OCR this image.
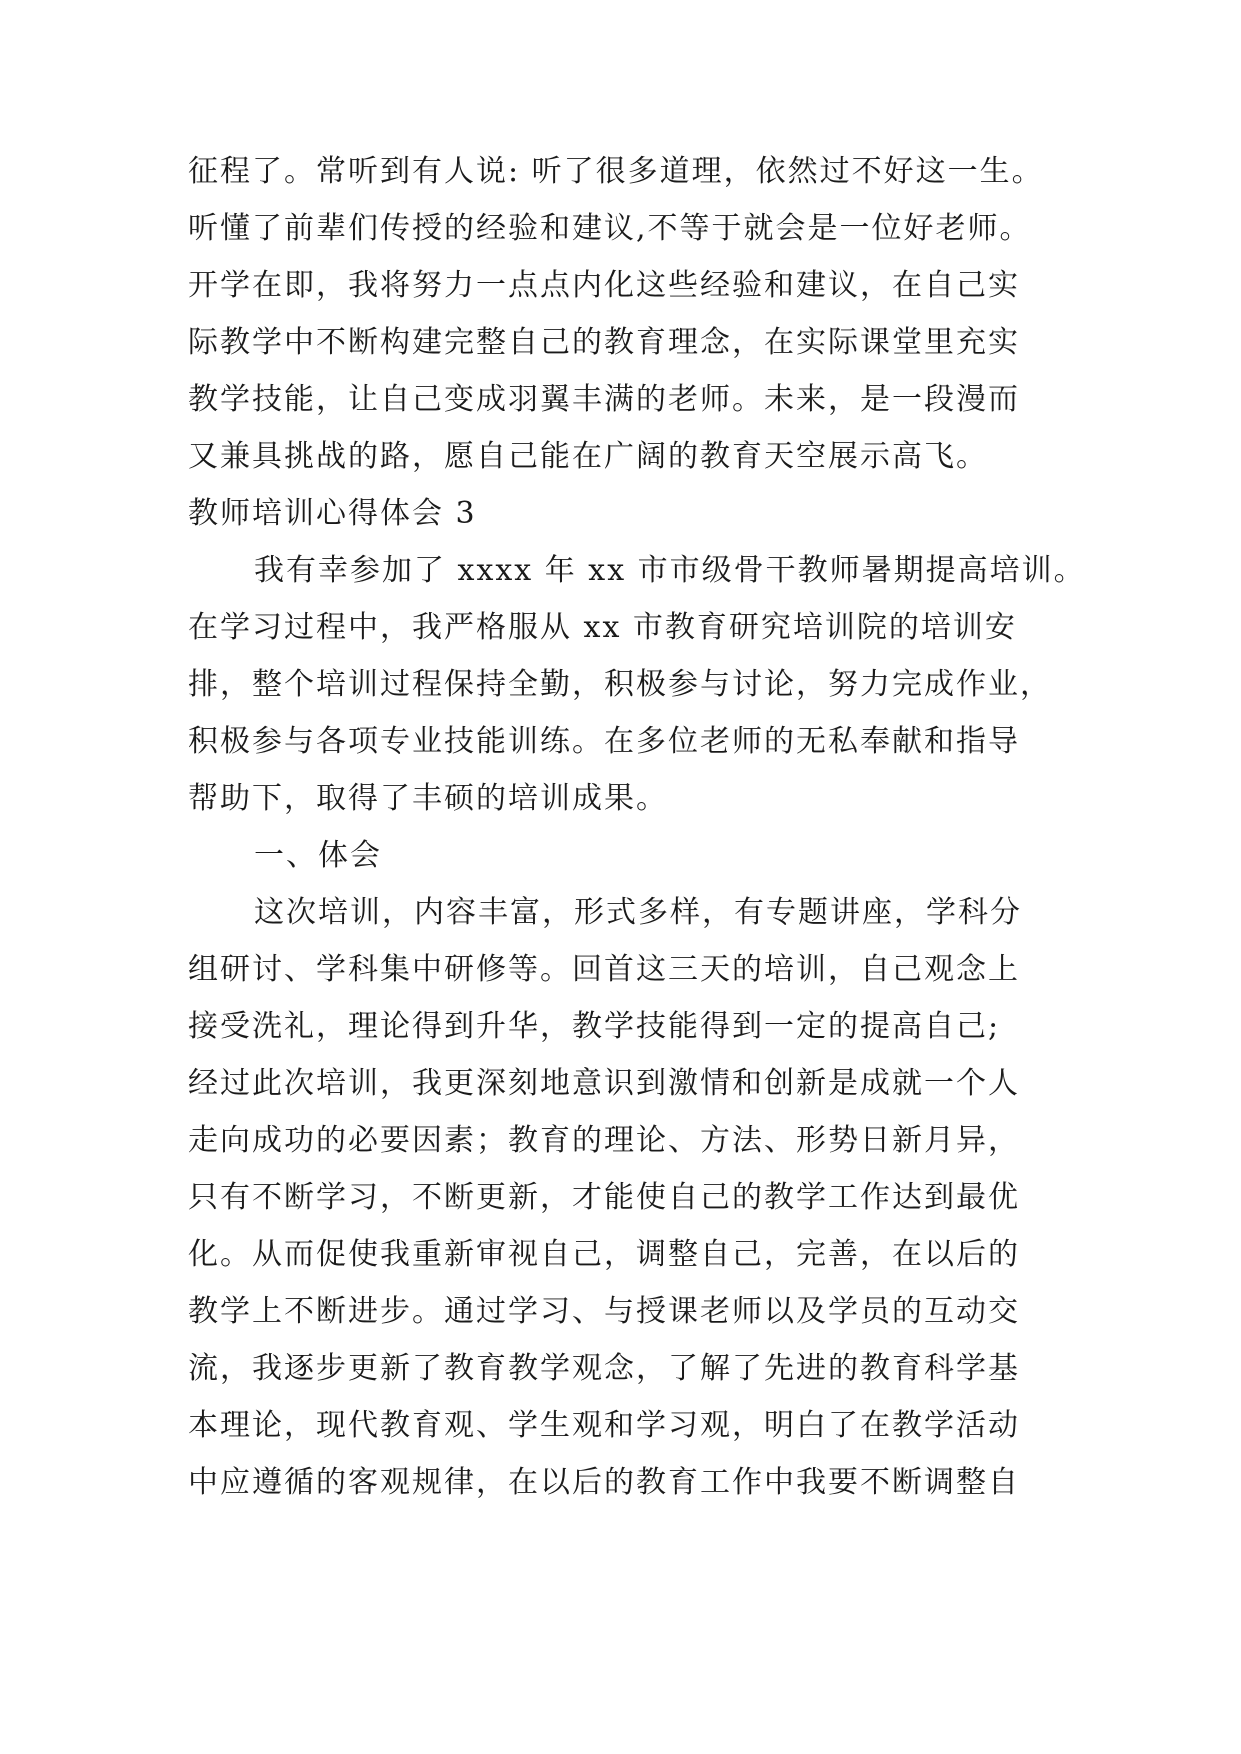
征程了。常听到有人说: 听了很多道理，依然过不好这一生。
听懂了前辈们传授的经验和建议,不等于就会是一位好老师。
开学在即，我将努力一点点内化这些经验和建议，在自己实
际教学中不断构建完整自己的教育理念，在实际课堂里充实
教学技能，让自己变成羽翼丰满的老师。未来，是一段漫而
又兼具挑战的路，愿自己能在广阔的教育天空展示高飞。
教师培训心得体会 3
我有幸参加了 xxxx 年 xx 市市级骨干教师暑期提高培训。
在学习过程中，我严格服从 xx 市教育研究培训院的培训安
排，整个培训过程保持全勤，积极参与讨论，努力完成作业，
积极参与各项专业技能训练。在多位老师的无私奉献和指导
帮助下，取得了丰硕的培训成果。
一、体会
这次培训，内容丰富，形式多样，有专题讲座，学科分
组研讨、学科集中研修等。回首这三天的培训，自己观念上
接受洗礼，理论得到升华，教学技能得到一定的提高自己;
经过此次培训，我更深刻地意识到激情和创新是成就一个人
走向成功的必要因素；教育的理论、方法、形势日新月异，
只有不断学习，不断更新，才能使自己的教学工作达到最优
化。从而促使我重新审视自己，调整自己，完善，在以后的
教学上不断进步。通过学习、与授课老师以及学员的互动交
流，我逐步更新了教育教学观念，了解了先进的教育科学基
本理论，现代教育观、学生观和学习观，明白了在教学活动
中应遵循的客观规律，在以后的教育工作中我要不断调整自
